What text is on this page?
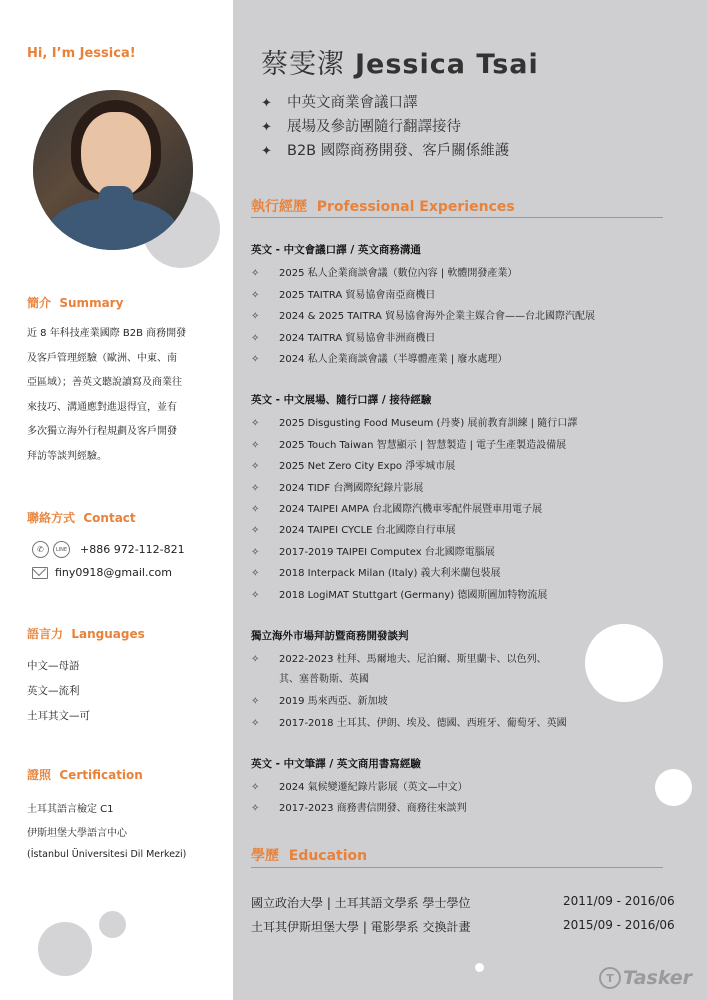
Hi, I’m Jessica!
簡介 Summary
近 8 年科技產業國際 B2B 商務開發
及客戶管理經驗（歐洲、中東、南
亞區域）；善英文聽說讀寫及商業往
來技巧、溝通應對進退得宜，並有
多次獨立海外行程規劃及客戶開發
拜訪等談判經驗。
聯絡方式 Contact
✆	LINE +886 972-112-821
finy0918@gmail.com
語言力 Languages
中文—母語
英文—流利
土耳其文—可
證照 Certification
土耳其語言檢定 C1
伊斯坦堡大學語言中心
(İstanbul Üniversitesi Dil Merkezi)
蔡雯潔 Jessica Tsai
✦ 中英文商業會議口譯
✦ 展場及參訪團隨行翻譯接待
✦ B2B 國際商務開發、客戶關係維護
執行經歷 Professional Experiences
英文 - 中文會議口譯 / 英文商務溝通
✧ 2025 私人企業商談會議（數位內容 | 軟體開發產業）
✧ 2025 TAITRA 貿易協會南亞商機日
✧ 2024 & 2025 TAITRA 貿易協會海外企業主媒合會——台北國際汽配展
✧ 2024 TAITRA 貿易協會非洲商機日
✧ 2024 私人企業商談會議（半導體產業 | 廢水處理）
英文 - 中文展場、隨行口譯 / 接待經驗
✧ 2025 Disgusting Food Museum (丹麥) 展前教育訓練 | 隨行口譯
✧ 2025 Touch Taiwan 智慧顯示 | 智慧製造 | 電子生產製造設備展
✧ 2025 Net Zero City Expo 淨零城市展
✧ 2024 TIDF 台灣國際紀錄片影展
✧ 2024 TAIPEI AMPA 台北國際汽機車零配件展暨車用電子展
✧ 2024 TAIPEI CYCLE 台北國際自行車展
✧ 2017-2019 TAIPEI Computex 台北國際電腦展
✧ 2018 Interpack Milan (Italy) 義大利米蘭包裝展
✧ 2018 LogiMAT Stuttgart (Germany) 德國斯圖加特物流展
獨立海外市場拜訪暨商務開發談判
✧ 2022-2023 杜拜、馬爾地夫、尼泊爾、斯里蘭卡、以色列、
其、塞普勒斯、英國
✧ 2019 馬來西亞、新加坡
✧ 2017-2018 土耳其、伊朗、埃及、德國、西班牙、葡萄牙、英國
英文 - 中文筆譯 / 英文商用書寫經驗
✧ 2024 氣候變遷紀錄片影展（英文—中文）
✧ 2017-2023 商務書信開發、商務往來談判
學歷 Education
國立政治大學 | 土耳其語文學系 學士學位	2011/09 - 2016/06
土耳其伊斯坦堡大學 | 電影學系 交換計畫	2015/09 - 2016/06
T Tasker
